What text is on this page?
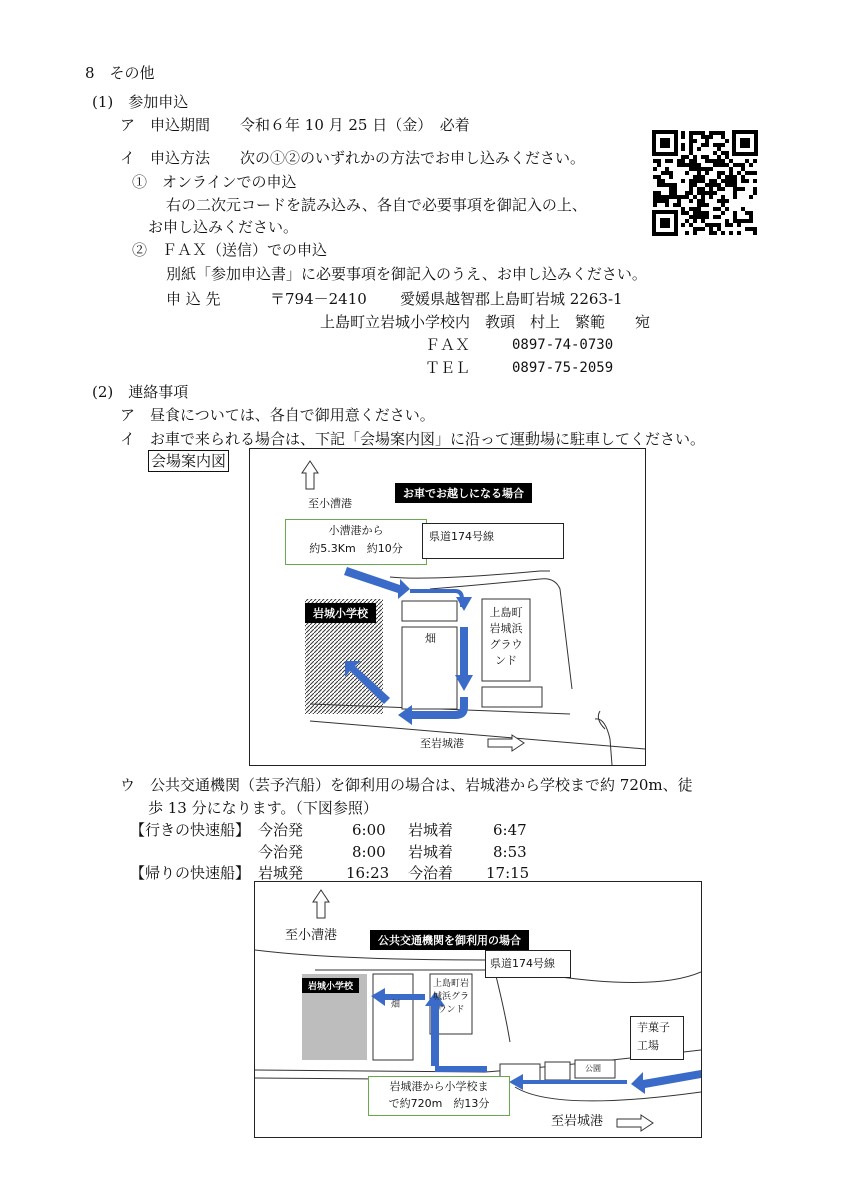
8　その他
(1)　参加申込
ア　申込期間　　令和６年 10 月 25 日（金）　必着
イ　申込方法　　次の①②のいずれかの方法でお申し込みください。
①　オンラインでの申込
右の二次元コードを読み込み、各自で必要事項を御記入の上、
お申し込みください。
②　ＦＡＸ（送信）での申込
別紙「参加申込書」に必要事項を御記入のうえ、お申し込みください。
申 込 先	〒794－2410 愛媛県越智郡上島町岩城 2263-1
上島町立岩城小学校内　教頭　村上　繁範　　宛
ＦＡＸ	0897-74-0730
ＴＥＬ	0897-75-2059
(2)　連絡事項
ア　昼食については、各自で御用意ください。
イ　お車で来られる場合は、下記「会場案内図」に沿って運動場に駐車してください。
会場案内図
至小漕港
お車でお越しになる場合
小漕港から
約5.3Km　約10分
県道174号線
岩城小学校
畑
上島町
岩城浜
グラウ
ンド
至岩城港
ウ　公共交通機関（芸予汽船）を御利用の場合は、岩城港から学校まで約 720m、徒
歩 13 分になります。（下図参照）
【行きの快速船】 今治発	6:00 岩城着	6:47
今治発	8:00 岩城着	8:53
【帰りの快速船】 岩城発	16:23 今治着 17:15
至小漕港	公共交通機関を御利用の場合
県道174号線
岩城小学校
畑
上島町岩
城浜グラ
ウンド
芋菓子
工場
公園
岩城港から小学校ま
で約720m　約13分
至岩城港
